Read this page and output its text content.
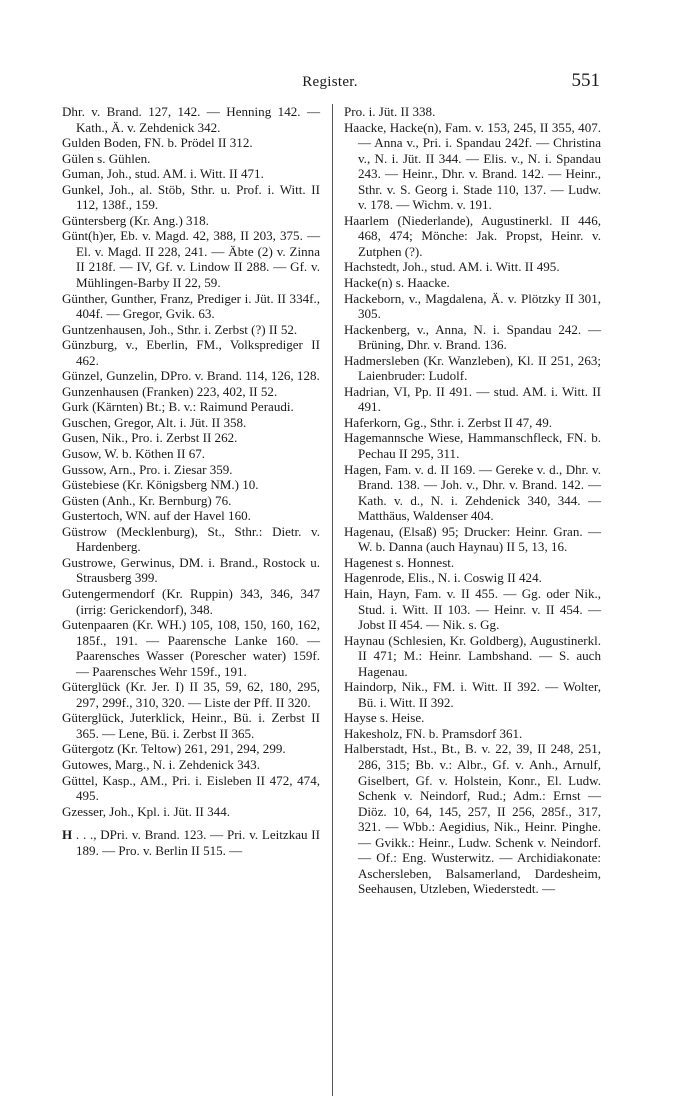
Register.	551

Dhr. v. Brand. 127, 142. — Henning 142. — Kath., Ä. v. Zehdenick 342.

Gulden Boden, FN. b. Prödel II 312.

Gülen s. Gühlen.

Guman, Joh., stud. AM. i. Witt. II 471.

Gunkel, Joh., al. Stöb, Sthr. u. Prof. i. Witt. II 112, 138f., 159.

Güntersberg (Kr. Ang.) 318.

Günt(h)er, Eb. v. Magd. 42, 388, II 203, 375. — El. v. Magd. II 228, 241. — Äbte (2) v. Zinna II 218f. — IV, Gf. v. Lindow II 288. — Gf. v. Mühlingen-Barby II 22, 59.

Günther, Gunther, Franz, Prediger i. Jüt. II 334f., 404f. — Gregor, Gvik. 63.

Guntzenhausen, Joh., Sthr. i. Zerbst (?) II 52.

Günzburg, v., Eberlin, FM., Volksprediger II 462.

Günzel, Gunzelin, DPro. v. Brand. 114, 126, 128.

Gunzenhausen (Franken) 223, 402, II 52.

Gurk (Kärnten) Bt.; B. v.: Raimund Peraudi.

Guschen, Gregor, Alt. i. Jüt. II 358.

Gusen, Nik., Pro. i. Zerbst II 262.

Gusow, W. b. Köthen II 67.

Gussow, Arn., Pro. i. Ziesar 359.

Güstebiese (Kr. Königsberg NM.) 10.

Güsten (Anh., Kr. Bernburg) 76.

Gustertoch, WN. auf der Havel 160.

Güstrow (Mecklenburg), St., Sthr.: Dietr. v. Hardenberg.

Gustrowe, Gerwinus, DM. i. Brand., Rostock u. Strausberg 399.

Gutengermendorf (Kr. Ruppin) 343, 346, 347 (irrig: Gerickendorf), 348.

Gutenpaaren (Kr. WH.) 105, 108, 150, 160, 162, 185f., 191. — Paarensche Lanke 160. — Paarensches Wasser (Porescher water) 159f. — Paarensches Wehr 159f., 191.

Güterglück (Kr. Jer. I) II 35, 59, 62, 180, 295, 297, 299f., 310, 320. — Liste der Pff. II 320.

Güterglück, Juterklick, Heinr., Bü. i. Zerbst II 365. — Lene, Bü. i. Zerbst II 365.

Gütergotz (Kr. Teltow) 261, 291, 294, 299.

Gutowes, Marg., N. i. Zehdenick 343.

Güttel, Kasp., AM., Pri. i. Eisleben II 472, 474, 495.

Gzesser, Joh., Kpl. i. Jüt. II 344.

H . . ., DPri. v. Brand. 123. — Pri. v. Leitzkau II 189. — Pro. v. Berlin II 515. —

Pro. i. Jüt. II 338.

Haacke, Hacke(n), Fam. v. 153, 245, II 355, 407. — Anna v., Pri. i. Spandau 242f. — Christina v., N. i. Jüt. II 344. — Elis. v., N. i. Spandau 243. — Heinr., Dhr. v. Brand. 142. — Heinr., Sthr. v. S. Georg i. Stade 110, 137. — Ludw. v. 178. — Wichm. v. 191.

Haarlem (Niederlande), Augustinerkl. II 446, 468, 474; Mönche: Jak. Propst, Heinr. v. Zutphen (?).

Hachstedt, Joh., stud. AM. i. Witt. II 495.

Hacke(n) s. Haacke.

Hackeborn, v., Magdalena, Ä. v. Plötzky II 301, 305.

Hackenberg, v., Anna, N. i. Spandau 242. — Brüning, Dhr. v. Brand. 136.

Hadmersleben (Kr. Wanzleben), Kl. II 251, 263; Laienbruder: Ludolf.

Hadrian, VI, Pp. II 491. — stud. AM. i. Witt. II 491.

Haferkorn, Gg., Sthr. i. Zerbst II 47, 49.

Hagemannsche Wiese, Hammanschfleck, FN. b. Pechau II 295, 311.

Hagen, Fam. v. d. II 169. — Gereke v. d., Dhr. v. Brand. 138. — Joh. v., Dhr. v. Brand. 142. — Kath. v. d., N. i. Zehdenick 340, 344. — Matthäus, Waldenser 404.

Hagenau, (Elsaß) 95; Drucker: Heinr. Gran. — W. b. Danna (auch Haynau) II 5, 13, 16.

Hagenest s. Honnest.

Hagenrode, Elis., N. i. Coswig II 424.

Hain, Hayn, Fam. v. II 455. — Gg. oder Nik., Stud. i. Witt. II 103. — Heinr. v. II 454. — Jobst II 454. — Nik. s. Gg.

Haynau (Schlesien, Kr. Goldberg), Augustinerkl. II 471; M.: Heinr. Lambshand. — S. auch Hagenau.

Haindorp, Nik., FM. i. Witt. II 392. — Wolter, Bü. i. Witt. II 392.

Hayse s. Heise.

Hakesholz, FN. b. Pramsdorf 361.

Halberstadt, Hst., Bt., B. v. 22, 39, II 248, 251, 286, 315; Bb. v.: Albr., Gf. v. Anh., Arnulf, Giselbert, Gf. v. Holstein, Konr., El. Ludw. Schenk v. Neindorf, Rud.; Adm.: Ernst — Diöz. 10, 64, 145, 257, II 256, 285f., 317, 321. — Wbb.: Aegidius, Nik., Heinr. Pinghe. — Gvikk.: Heinr., Ludw. Schenk v. Neindorf. — Of.: Eng. Wusterwitz. — Archidiakonate: Aschersleben, Balsamerland, Dardesheim, Seehausen, Utzleben, Wiederstedt. —
